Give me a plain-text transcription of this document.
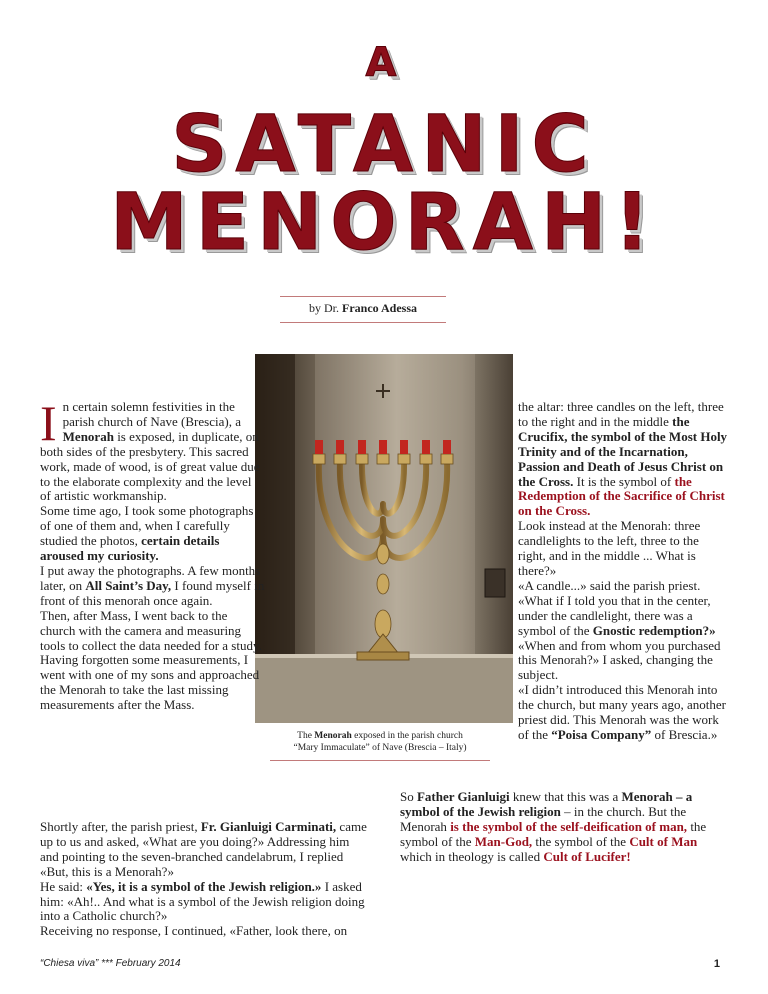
A
SATANIC
MENORAH!
by Dr. Franco Adessa
The Menorah exposed in the parish church
“Mary Immaculate” of Nave (Brescia – Italy)
I n certain solemn festivities in the parish church of Nave (Brescia), a Menorah is exposed, in duplicate, on both sides of the presbytery. This sacred work, made of wood, is of great value due to the elaborate complexity and the level of artistic workmanship.

Some time ago, I took some photographs of one of them and, when I carefully studied the photos, certain details aroused my curiosity.

I put away the photographs. A few months later, on All Saint’s Day, I found myself in front of this menorah once again.

Then, after Mass, I went back to the church with the camera and measuring tools to collect the data needed for a study.

Having forgotten some measurements, I went with one of my sons and approached the Menorah to take the last missing measurements after the Mass.

Shortly after, the parish priest, Fr. Gianluigi Carminati, came up to us and asked, «What are you doing?» Addressing him and pointing to the seven-branched candelabrum, I replied «But, this is a Menorah?»

He said: «Yes, it is a symbol of the Jewish religion.» I asked him: «Ah!.. And what is a symbol of the Jewish religion doing into a Catholic church?»

Receiving no response, I continued, «Father, look there, on

the altar: three candles on the left, three to the right and in the middle the Crucifix, the symbol of the Most Holy Trinity and of the Incarnation, Passion and Death of Jesus Christ on the Cross. It is the symbol of the Redemption of the Sacrifice of Christ on the Cross.

Look instead at the Menorah: three candlelights to the left, three to the right, and in the middle ... What is there?»

«A candle...» said the parish priest.

«What if I told you that in the center, under the candlelight, there was a symbol of the Gnostic redemption?»

«When and from whom you purchased this Menorah?» I asked, changing the subject.

«I didn’t introduced this Menorah into the church, but many years ago, another priest did. This Menorah was the work of the “Poisa Company” of Brescia.»

So Father Gianluigi knew that this was a Menorah – a symbol of the Jewish religion – in the church. But the Menorah is the symbol of the self-deification of man, the symbol of the Man-God, the symbol of the Cult of Man which in theology is called Cult of Lucifer!

“Chiesa viva” *** February 2014	1
